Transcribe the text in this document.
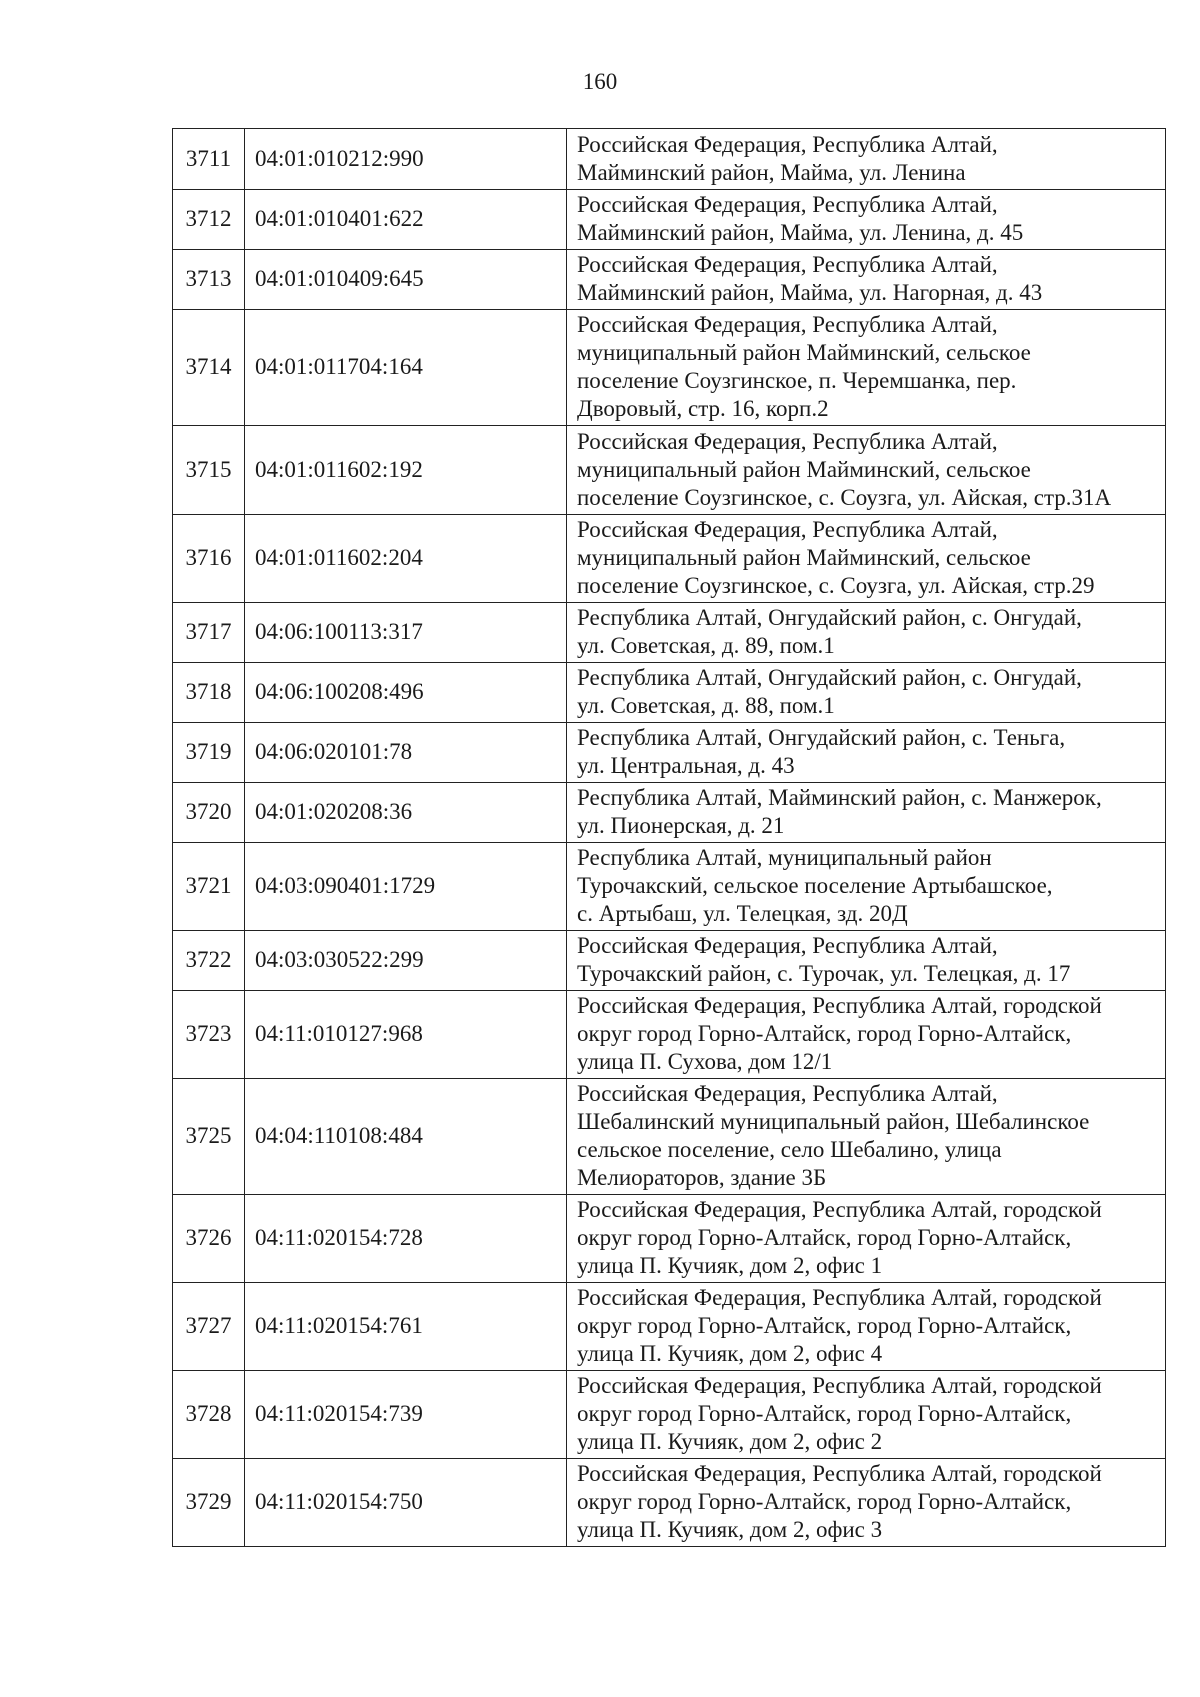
160
3711	04:01:010212:990	Российская Федерация, Республика Алтай,
Майминский район, Майма, ул. Ленина
3712	04:01:010401:622	Российская Федерация, Республика Алтай,
Майминский район, Майма, ул. Ленина, д. 45
3713	04:01:010409:645	Российская Федерация, Республика Алтай,
Майминский район, Майма, ул. Нагорная, д. 43
3714	04:01:011704:164	Российская Федерация, Республика Алтай,
муниципальный район Майминский, сельское
поселение Соузгинское, п. Черемшанка, пер.
Дворовый, стр. 16, корп.2
3715	04:01:011602:192	Российская Федерация, Республика Алтай,
муниципальный район Майминский, сельское
поселение Соузгинское, с. Соузга, ул. Айская, стр.31А
3716	04:01:011602:204	Российская Федерация, Республика Алтай,
муниципальный район Майминский, сельское
поселение Соузгинское, с. Соузга, ул. Айская, стр.29
3717	04:06:100113:317	Республика Алтай, Онгудайский район, с. Онгудай,
ул. Советская, д. 89, пом.1
3718	04:06:100208:496	Республика Алтай, Онгудайский район, с. Онгудай,
ул. Советская, д. 88, пом.1
3719	04:06:020101:78	Республика Алтай, Онгудайский район, с. Теньга,
ул. Центральная, д. 43
3720	04:01:020208:36	Республика Алтай, Майминский район, с. Манжерок,
ул. Пионерская, д. 21
3721	04:03:090401:1729	Республика Алтай, муниципальный район
Турочакский, сельское поселение Артыбашское,
с. Артыбаш, ул. Телецкая, зд. 20Д
3722	04:03:030522:299	Российская Федерация, Республика Алтай,
Турочакский район, с. Турочак, ул. Телецкая, д. 17
3723	04:11:010127:968	Российская Федерация, Республика Алтай, городской
округ город Горно-Алтайск, город Горно-Алтайск,
улица П. Сухова, дом 12/1
3725	04:04:110108:484	Российская Федерация, Республика Алтай,
Шебалинский муниципальный район, Шебалинское
сельское поселение, село Шебалино, улица
Мелиораторов, здание 3Б
3726	04:11:020154:728	Российская Федерация, Республика Алтай, городской
округ город Горно-Алтайск, город Горно-Алтайск,
улица П. Кучияк, дом 2, офис 1
3727	04:11:020154:761	Российская Федерация, Республика Алтай, городской
округ город Горно-Алтайск, город Горно-Алтайск,
улица П. Кучияк, дом 2, офис 4
3728	04:11:020154:739	Российская Федерация, Республика Алтай, городской
округ город Горно-Алтайск, город Горно-Алтайск,
улица П. Кучияк, дом 2, офис 2
3729	04:11:020154:750	Российская Федерация, Республика Алтай, городской
округ город Горно-Алтайск, город Горно-Алтайск,
улица П. Кучияк, дом 2, офис 3
